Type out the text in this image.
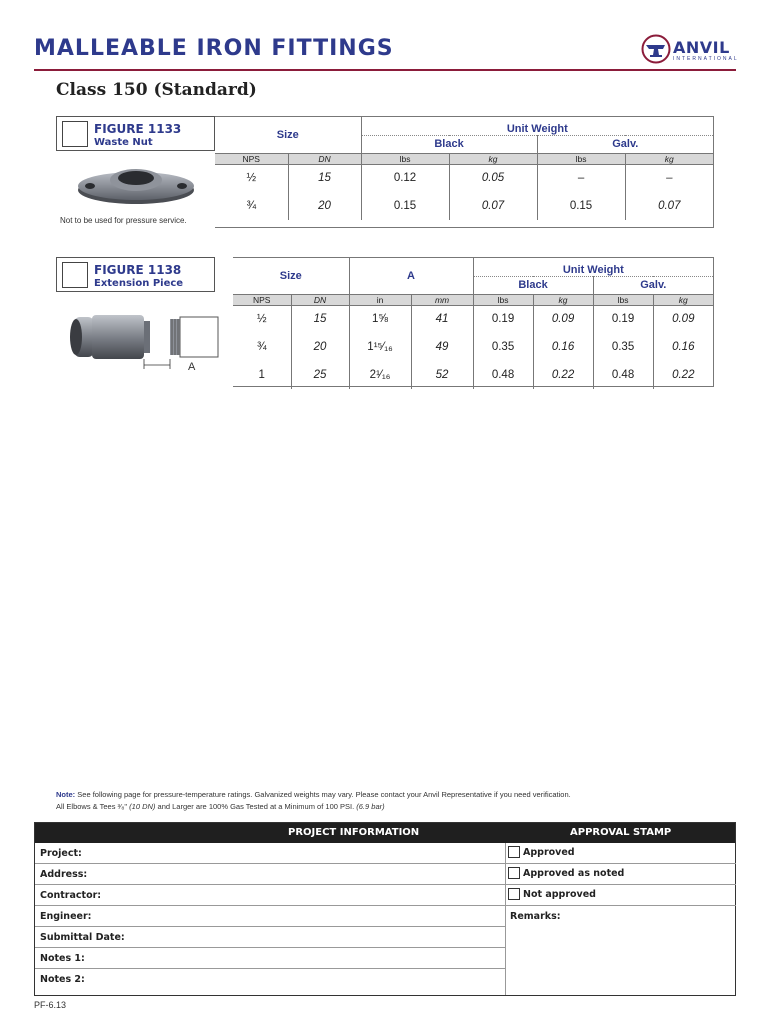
MALLEABLE IRON FITTINGS	ANVIL
INTERNATIONAL
Class 150 (Standard)
FIGURE 1133
Waste Nut
Not to be used for pressure service.
Size		Unit Weight			
		Black		Galv.	
NPS	DN	lbs	kg	lbs	kg
½	15	0.12	0.05	–	–
¾	20	0.15	0.07	0.15	0.07
FIGURE 1138
Extension Piece
A
Size		A		Unit Weight			
				Black		Galv.	
NPS	DN	in	mm	lbs	kg	lbs	kg
½	15	1⅝	41	0.19	0.09	0.19	0.09
¾	20	1¹⁵⁄₁₆	49	0.35	0.16	0.35	0.16
1	25	2¹⁄₁₆	52	0.48	0.22	0.48	0.22
Note: See following page for pressure-temperature ratings. Galvanized weights may vary. Please contact your Anvil Representative if you need verification.
All Elbows & Tees ³⁄₈" (10 DN) and Larger are 100% Gas Tested at a Minimum of 100 PSI. (6.9 bar)
PROJECT INFORMATION	APPROVAL STAMP
Project:
Address:
Contractor:
Engineer:
Submittal Date:
Notes 1:
Notes 2:
Approved
Approved as noted
Not approved
Remarks:
PF-6.13
